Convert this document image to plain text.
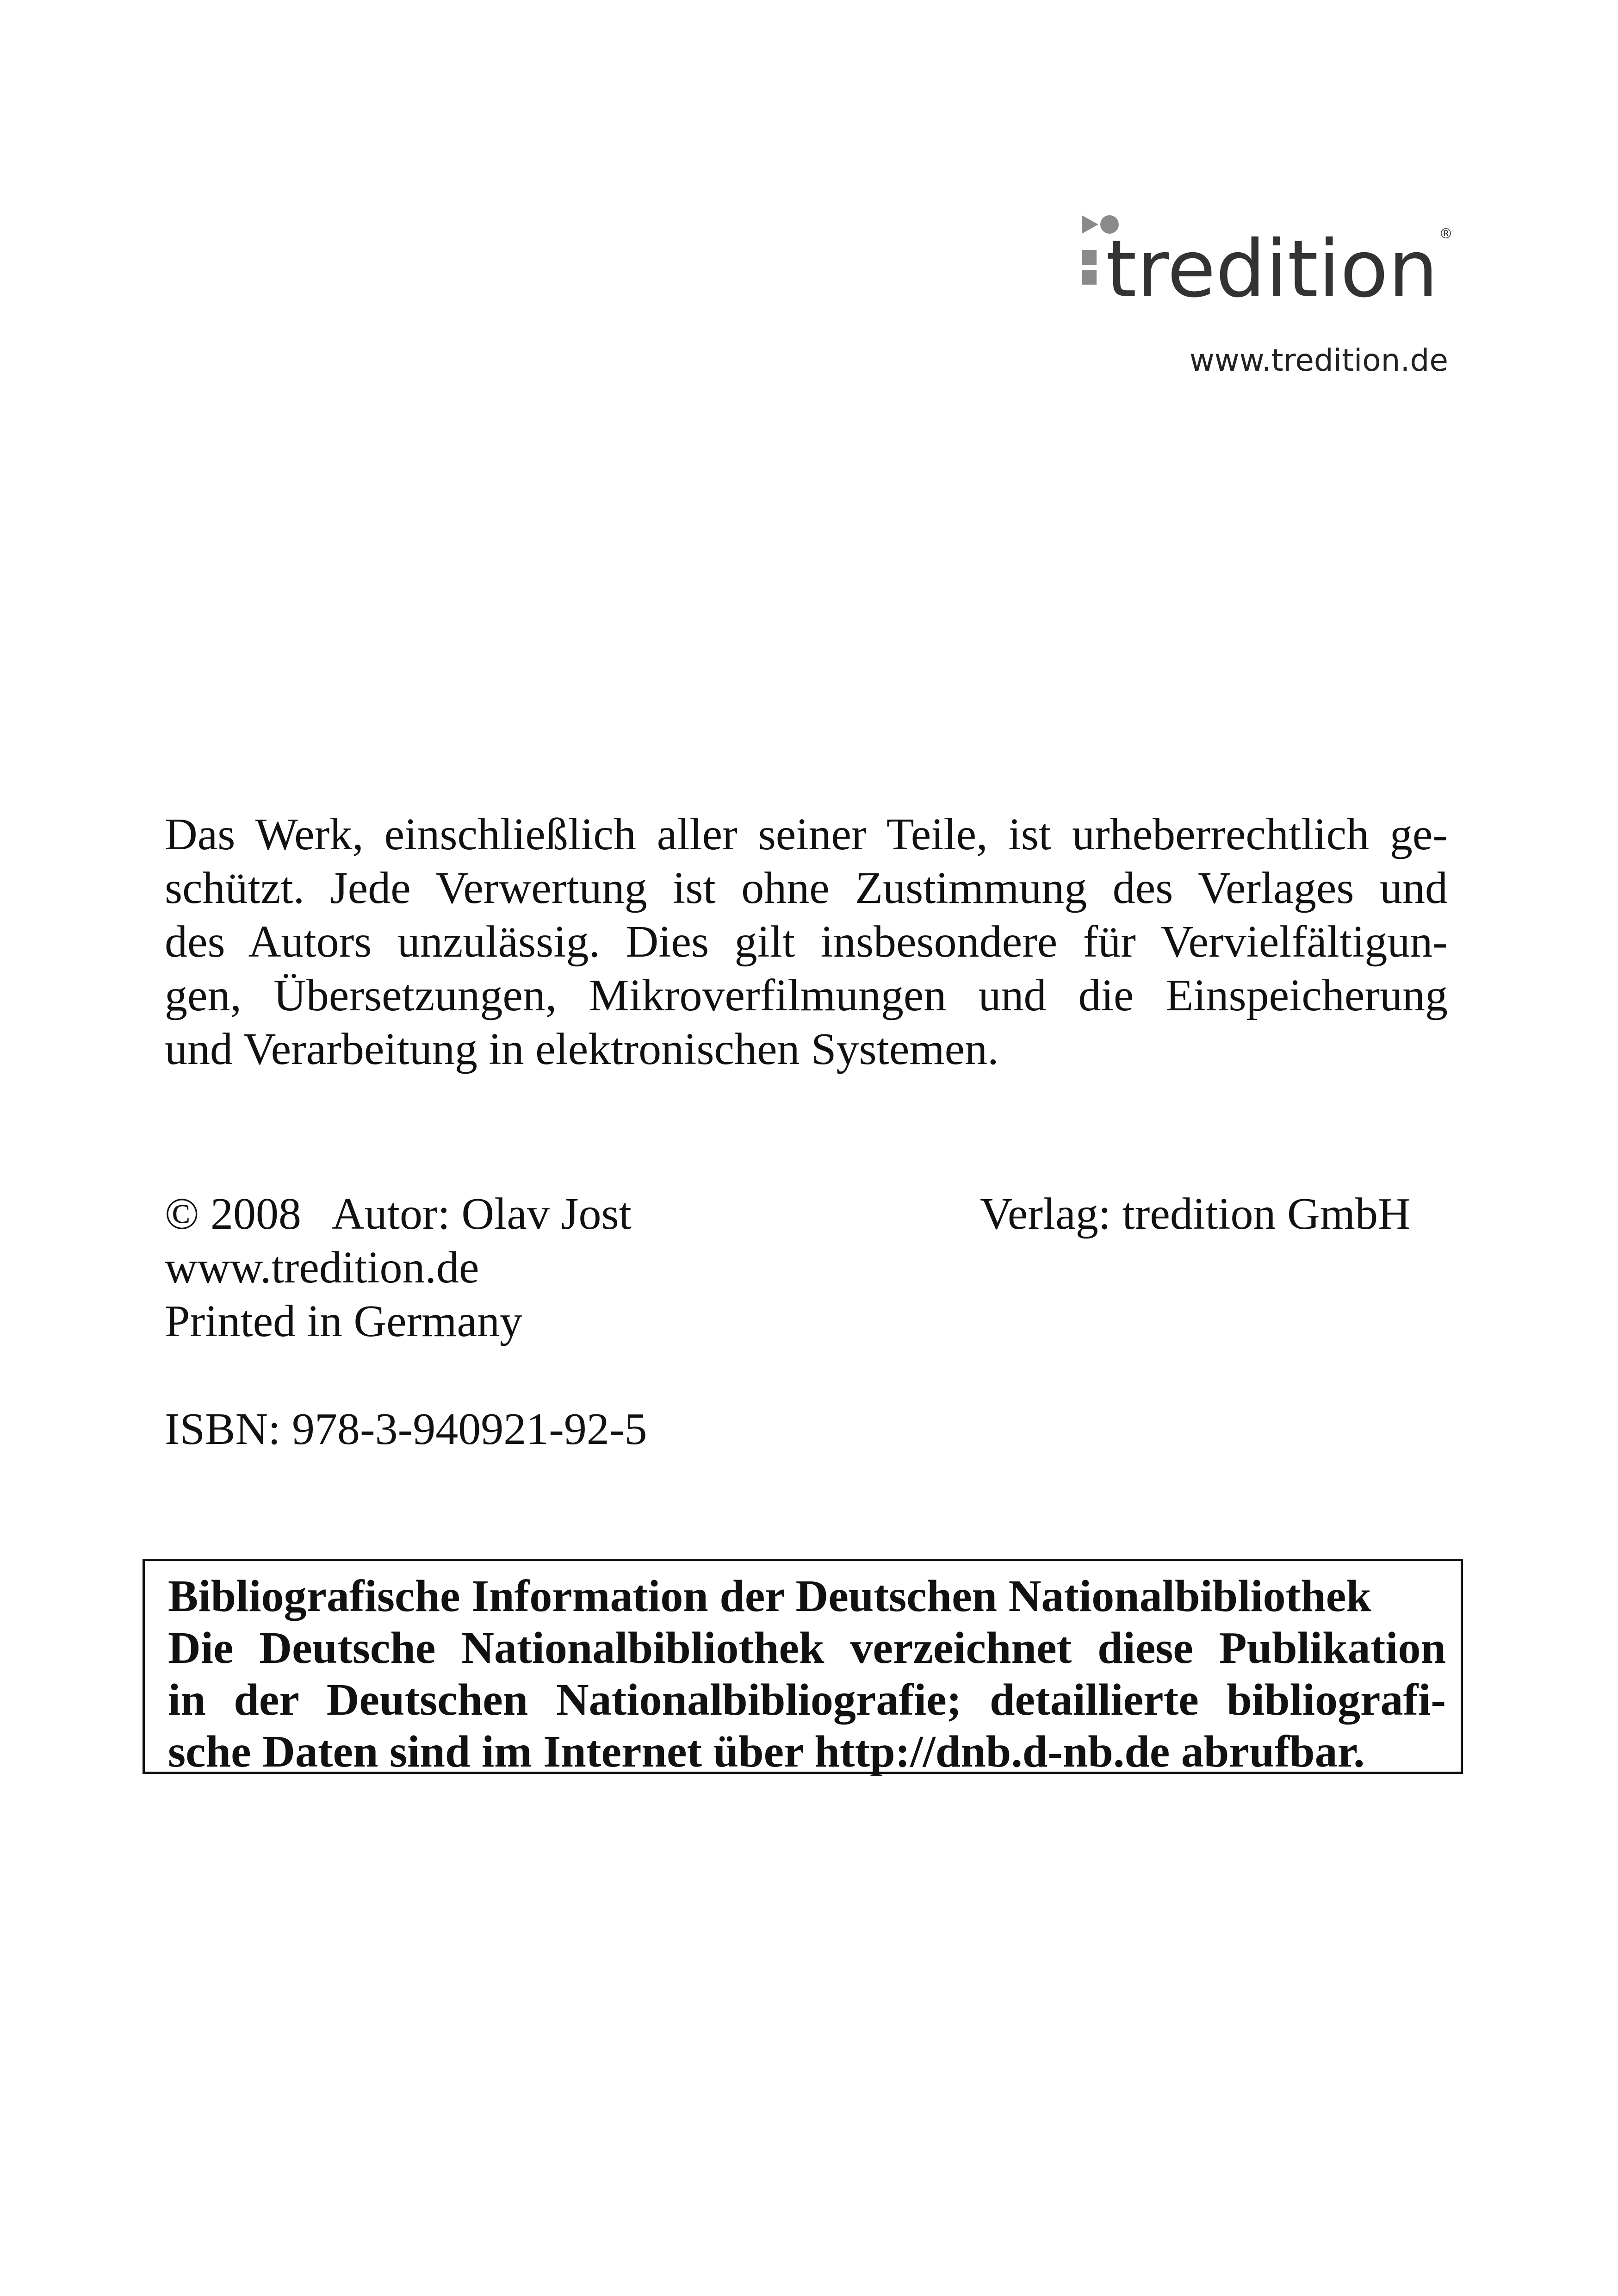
tredition ®
www.tredition.de
Das Werk, einschließlich aller seiner Teile, ist urheberrechtlich ge-
schützt. Jede Verwertung ist ohne Zustimmung des Verlages und
des Autors unzulässig. Dies gilt insbesondere für Vervielfältigun-
gen, Übersetzungen, Mikroverfilmungen und die Einspeicherung
und Verarbeitung in elektronischen Systemen.
© 2008 Autor: Olav Jost	Verlag: tredition GmbH
www.tredition.de
Printed in Germany
ISBN: 978-3-940921-92-5
Bibliografische Information der Deutschen Nationalbibliothek
Die Deutsche Nationalbibliothek verzeichnet diese Publikation
in der Deutschen Nationalbibliografie; detaillierte bibliografi-
sche Daten sind im Internet über http://dnb.d-nb.de abrufbar.
